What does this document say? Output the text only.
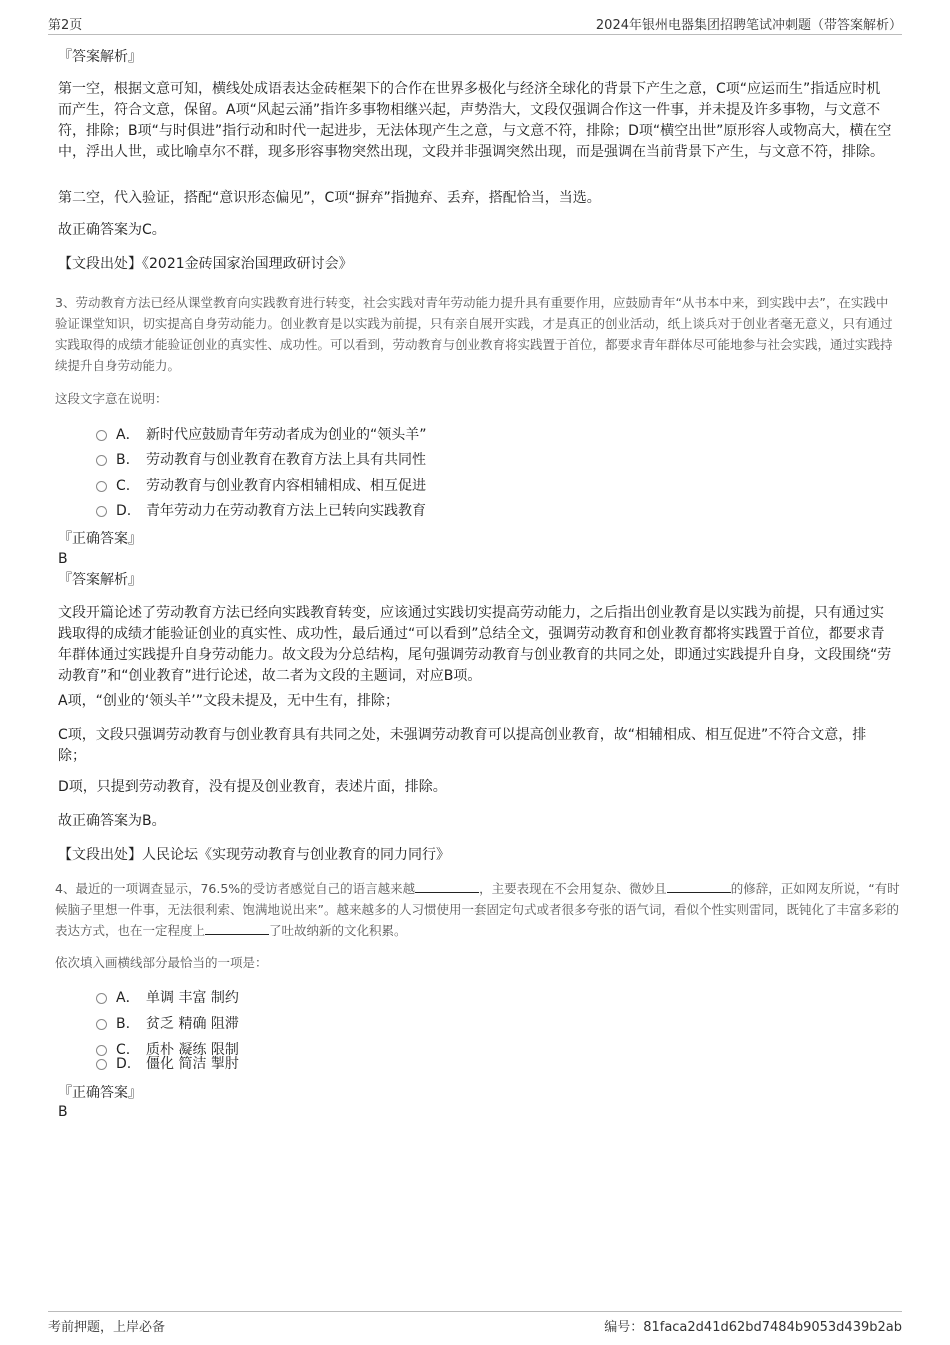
第2页	2024年银州电器集团招聘笔试冲刺题（带答案解析）

『答案解析』

第一空，根据文意可知，横线处成语表达金砖框架下的合作在世界多极化与经济全球化的背景下产生之意，C项“应运而生”指适应时机而产生，符合文意，保留。A项“风起云涌”指许多事物相继兴起，声势浩大，文段仅强调合作这一件事，并未提及许多事物，与文意不符，排除；B项“与时俱进”指行动和时代一起进步，无法体现产生之意，与文意不符，排除；D项“横空出世”原形容人或物高大，横在空中，浮出人世，或比喻卓尔不群，现多形容事物突然出现，文段并非强调突然出现，而是强调在当前背景下产生，与文意不符，排除。

第二空，代入验证，搭配“意识形态偏见”，C项“摒弃”指抛弃、丢弃，搭配恰当，当选。

故正确答案为C。

【文段出处】《2021金砖国家治国理政研讨会》

3、劳动教育方法已经从课堂教育向实践教育进行转变，社会实践对青年劳动能力提升具有重要作用，应鼓励青年“从书本中来，到实践中去”，在实践中验证课堂知识，切实提高自身劳动能力。创业教育是以实践为前提，只有亲自展开实践，才是真正的创业活动，纸上谈兵对于创业者毫无意义，只有通过实践取得的成绩才能验证创业的真实性、成功性。可以看到，劳动教育与创业教育将实践置于首位，都要求青年群体尽可能地参与社会实践，通过实践持续提升自身劳动能力。

这段文字意在说明：

A． 新时代应鼓励青年劳动者成为创业的“领头羊”
B. 劳动教育与创业教育在教育方法上具有共同性
C. 劳动教育与创业教育内容相辅相成、相互促进
D. 青年劳动力在劳动教育方法上已转向实践教育

『正确答案』

B

『答案解析』

文段开篇论述了劳动教育方法已经向实践教育转变，应该通过实践切实提高劳动能力，之后指出创业教育是以实践为前提，只有通过实践取得的成绩才能验证创业的真实性、成功性，最后通过“可以看到”总结全文，强调劳动教育和创业教育都将实践置于首位，都要求青年群体通过实践提升自身劳动能力。故文段为分总结构，尾句强调劳动教育与创业教育的共同之处，即通过实践提升自身，文段围绕“劳动教育”和“创业教育”进行论述，故二者为文段的主题词，对应B项。

A项，“创业的‘领头羊’”文段未提及，无中生有，排除；

C项，文段只强调劳动教育与创业教育具有共同之处，未强调劳动教育可以提高创业教育，故“相辅相成、相互促进”不符合文意，排除；

D项，只提到劳动教育，没有提及创业教育，表述片面，排除。

故正确答案为B。

【文段出处】人民论坛《实现劳动教育与创业教育的同力同行》

4、最近的一项调查显示，76.5%的受访者感觉自己的语言越来越	，主要表现在不会用复杂、微妙且	的修辞，正如网友所说，“有时候脑子里想一件事，无法很利索、饱满地说出来”。越来越多的人习惯使用一套固定句式或者很多夸张的语气词，看似个性实则雷同，既钝化了丰富多彩的表达方式，也在一定程度上	了吐故纳新的文化积累。

依次填入画横线部分最恰当的一项是：

A． 单调 丰富 制约
B. 贫乏 精确 阻滞
C. 质朴 凝练 限制
D. 僵化 简洁 掣肘

『正确答案』

B

考前押题，上岸必备	编号：81faca2d41d62bd7484b9053d439b2ab
